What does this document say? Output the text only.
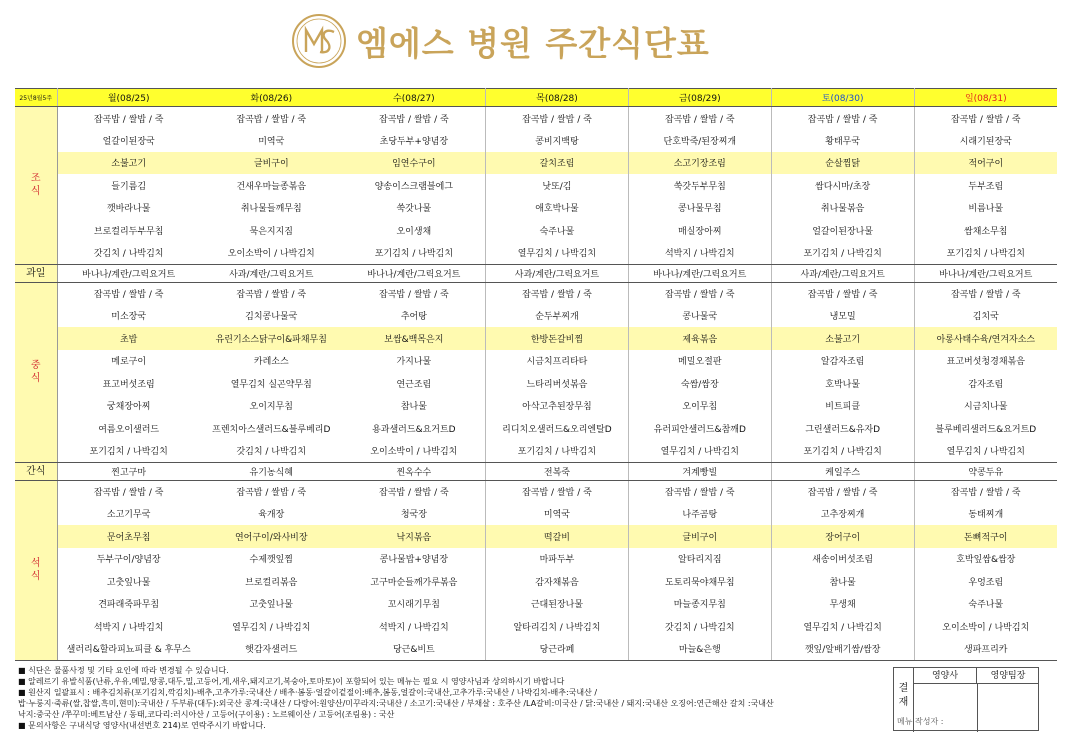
엠에스 병원 주간식단표
25년8월5주	월(08/25)	화(08/26)	수(08/27)	목(08/28)	금(08/29)	토(08/30)	일(08/31)
조
식	잡곡밥 / 쌀밥 / 죽	잡곡밥 / 쌀밥 / 죽	잡곡밥 / 쌀밥 / 죽	잡곡밥 / 쌀밥 / 죽	잡곡밥 / 쌀밥 / 죽	잡곡밥 / 쌀밥 / 죽	잡곡밥 / 쌀밥 / 죽
	얼갈이된장국	미역국	초당두부+양념장	콩비지백탕	단호박죽/된장찌개	황태무국	시래기된장국
	소불고기	글비구이	임연수구이	갈치조림	소고기장조림	순살찜닭	적어구이
	들기름김	건새우마늘종볶음	양송이스크램블에그	낫또/김	쑥갓두부무침	쌈다시마/초장	두부조림
	깻바라나물	취나물들깨무침	쑥갓나물	애호박나물	콩나물무침	취나물볶음	비름나물
	브로컬리두부무침	묵은지지짐	오이생채	숙주나물	매실장아찌	얼갈이된장나물	쌈채소무침
	갓김치 / 나박김치	오이소박이 / 나박김치	포기김치 / 나박김치	열무김치 / 나박김치	석박지 / 나박김치	포기김치 / 나박김치	포기김치 / 나박김치
과일	바나나/계란/그릭요거트	사과/계란/그릭요거트	바나나/계란/그릭요거트	사과/계란/그릭요거트	바나나/계란/그릭요거트	사과/계란/그릭요거트	바나나/계란/그릭요거트
중
식	잡곡밥 / 쌀밥 / 죽	잡곡밥 / 쌀밥 / 죽	잡곡밥 / 쌀밥 / 죽	잡곡밥 / 쌀밥 / 죽	잡곡밥 / 쌀밥 / 죽	잡곡밥 / 쌀밥 / 죽	잡곡밥 / 쌀밥 / 죽
	미소장국	김치콩나물국	추어탕	순두부찌개	콩나물국	냉모밀	김치국
	초밥	유린기소스닭구이&파채무침	보쌈&백목은지	한방돈갈비찜	제육볶음	소불고기	아롱사태수육/연겨자소스
	메로구이	카레소스	가지나물	시금치프리타타	메밀오절판	알감자조림	표고버섯청경채볶음
	표고버섯조림	열무김치 실곤약무침	연근조림	느타리버섯볶음	숙쌈/쌈장	호박나물	감자조림
	궁채장아찌	오이지무침	참나물	아삭고추된장무침	오이무침	비트피클	시금치나물
	여름오이샐러드	프렌치아스샐러드&블루베리D	용과샐러드&요거트D	리디치오샐러드&오리엔탈D	유러피안샐러드&참깨D	그린샐러드&유자D	블루베리샐러드&요거트D
	포기김치 / 나박김치	갓김치 / 나박김치	오이소박이 / 나박김치	포기김치 / 나박김치	열무김치 / 나박김치	포기김치 / 나박김치	열무김치 / 나박김치
간식	찐고구마	유기농식혜	찐옥수수	전복죽	겨계빵빌	케일주스	약콩두유
석
식	잡곡밥 / 쌀밥 / 죽	잡곡밥 / 쌀밥 / 죽	잡곡밥 / 쌀밥 / 죽	잡곡밥 / 쌀밥 / 죽	잡곡밥 / 쌀밥 / 죽	잡곡밥 / 쌀밥 / 죽	잡곡밥 / 쌀밥 / 죽
	소고기무국	육개장	청국장	미역국	나주곰탕	고추장찌개	동태찌개
	문어초무침	연어구이/와사비장	낙지볶음	떡갈비	글비구이	장어구이	돈뼈적구이
	두부구이/양념장	수제깻잎찜	콩나물밥+양념장	마파두부	알타리지짐	새송이버섯조림	호박잎쌈&쌈장
	고춧잎나물	브로컬리볶음	고구마순들깨가루볶음	감자채볶음	도토리묵야채무침	참나물	우엉조림
	견파래죽파무침	고춧잎나물	꼬시래기무침	근대된장나물	마늘종지무침	무생채	숙주나물
	석박지 / 나박김치	열무김치 / 나박김치	석박지 / 나박김치	알타리김치 / 나박김치	갓김치 / 나박김치	열무김치 / 나박김치	오이소박이 / 나박김치
	샐러리&할라피뇨피클 & 후무스	햇감자샐러드	당근&비트	당근라페	마늘&은행	깻잎/알배기쌈/쌈장	생파프리카
■ 식단은 물품사정 및 기타 요인에 따라 변경될 수 있습니다.
■ 알레르기 유발식품(난류,우유,메밀,땅콩,대두,밀,고등어,게,새우,돼지고기,복숭아,토마토)이 포함되어 있는 메뉴는 필요 시 영양사님과 상의하시기 바랍니다
■ 원산지 일괄표시 : 배추김치류(포기김치,깍김치)-배추,고추가루:국내산 / 배추·봄동·얼갈이겉절이:배추,봄동,얼갈이:국내산,고추가루:국내산 / 나박김치-배추:국내산 /
밥·누룽지·죽류(쌀,찹쌀,흑미,현미):국내산 / 두부류(대두):외국산 콩계:국내산 / 다랑어:원양산/미꾸라지:국내산 / 소고기:국내산 / 부채살 : 호주산 /LA갈비:미국산 / 닭:국내산 / 돼지:국내산 오징어:연근해산 갈치 :국내산
낙지:중국산 /쭈꾸미:베트남산 / 동태,코다리:러시아산 / 고등어(구이용) : 노르웨이산 / 고등어(조림용) : 국산
■ 문의사항은 구내식당 영양사(내선번호 214)로 연락주시기 바랍니다.
결
재
영양사	영양팀장
메뉴 작성자 :
